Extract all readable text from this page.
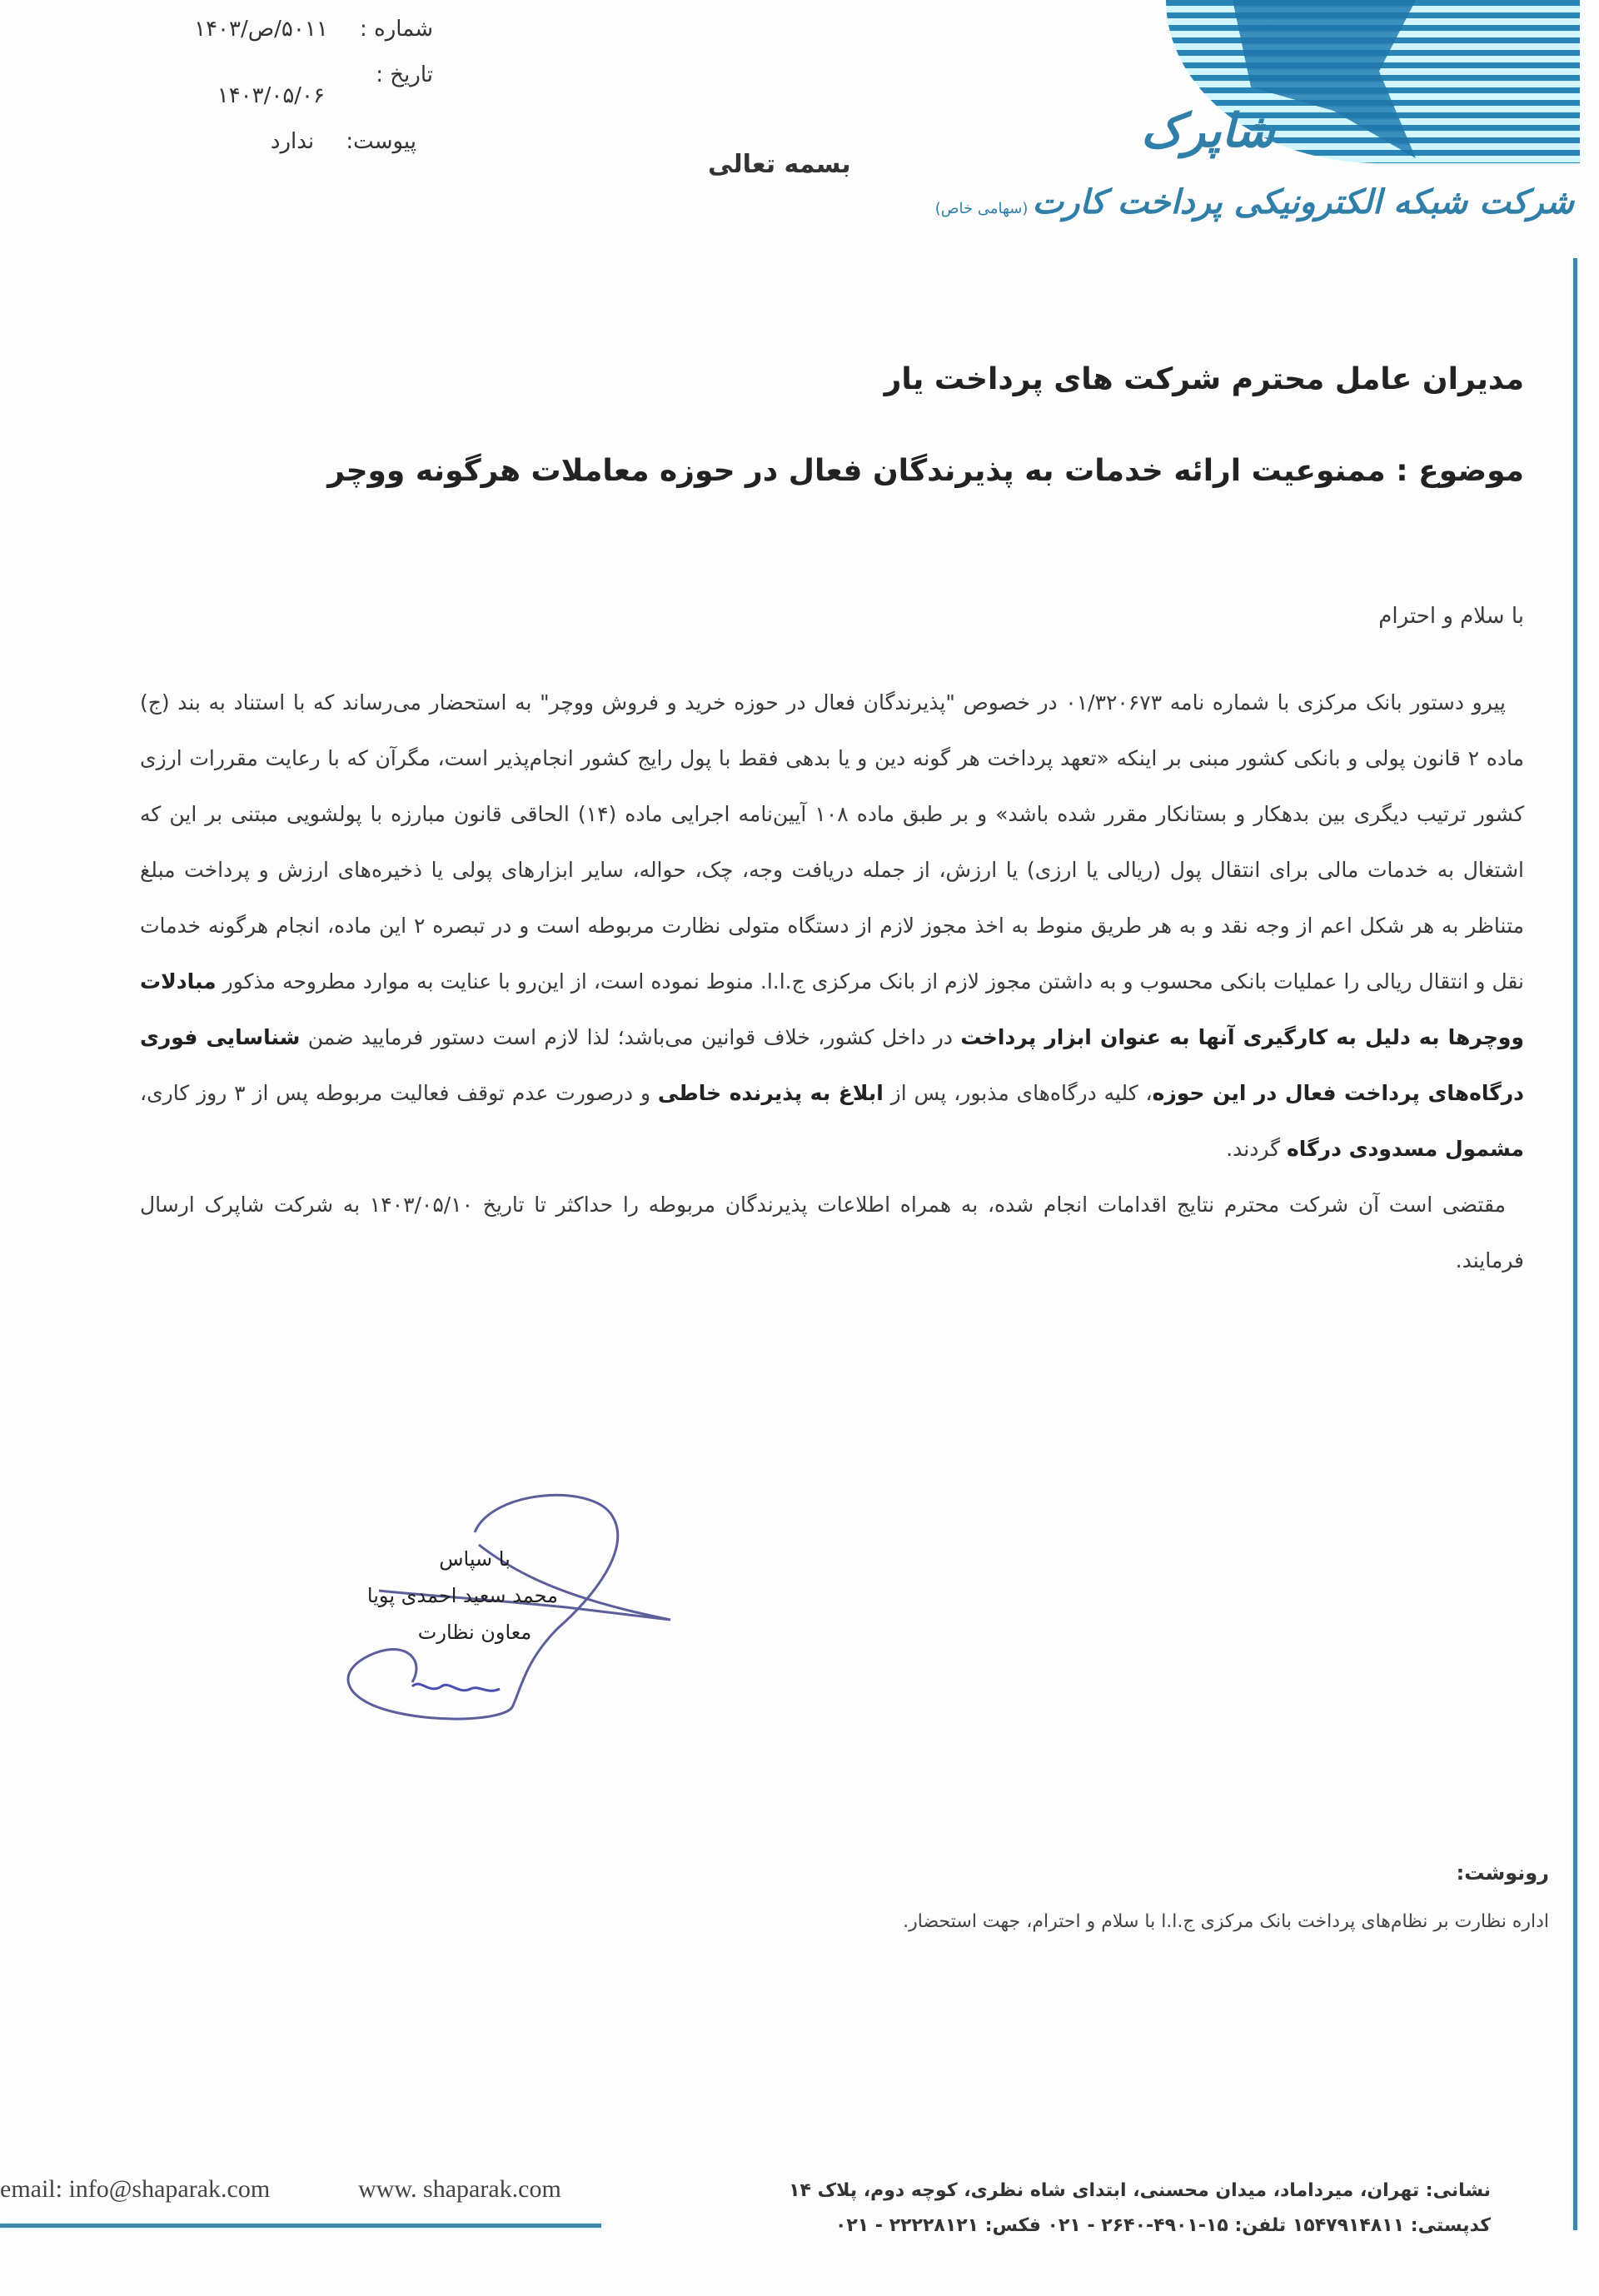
شماره : ۵۰۱۱/ص/۱۴۰۳
تاریخ :
۱۴۰۳/۰۵/۰۶
پیوست: ندارد
بسمه تعالی
شاپرک
شرکت شبکه الکترونیکی پرداخت کارت (سهامی خاص)
مدیران عامل محترم شرکت های پرداخت یار
موضوع : ممنوعیت ارائه خدمات به پذیرندگان فعال در حوزه معاملات هرگونه ووچر
با سلام و احترام

پیرو دستور بانک مرکزی با شماره نامه ۰۱/۳۲۰۶۷۳ در خصوص "پذیرندگان فعال در حوزه خرید و فروش ووچر" به استحضار می‌رساند که با استناد به بند (ج) ماده ۲ قانون پولی و بانکی کشور مبنی بر اینکه «تعهد پرداخت هر گونه دین و یا بدهی فقط با پول رایج کشور انجام‌پذیر است، مگرآن که با رعایت مقررات ارزی کشور ترتیب دیگری بین بدهکار و بستانکار مقرر شده باشد» و بر طبق ماده ۱۰۸ آیین‌نامه اجرایی ماده (۱۴) الحاقی قانون مبارزه با پولشویی مبتنی بر این که اشتغال به خدمات مالی برای انتقال پول (ریالی یا ارزی) یا ارزش، از جمله دریافت وجه، چک، حواله، سایر ابزارهای پولی یا ذخیره‌های ارزش و پرداخت مبلغ متناظر به هر شکل اعم از وجه نقد و به هر طریق منوط به اخذ مجوز لازم از دستگاه متولی نظارت مربوطه است و در تبصره ۲ این ماده، انجام هرگونه خدمات نقل و انتقال ریالی را عملیات بانکی محسوب و به داشتن مجوز لازم از بانک مرکزی ج.ا.ا. منوط نموده است، از این‌رو با عنایت به موارد مطروحه مذکور مبادلات ووچرها به دلیل به کارگیری آنها به عنوان ابزار پرداخت در داخل کشور، خلاف قوانین می‌باشد؛ لذا لازم است دستور فرمایید ضمن شناسایی فوری درگاه‌های پرداخت فعال در این حوزه، کلیه درگاه‌های مذبور، پس از ابلاغ به پذیرنده خاطی و درصورت عدم توقف فعالیت مربوطه پس از ۳ روز کاری، مشمول مسدودی درگاه گردند.

مقتضی است آن شرکت محترم نتایج اقدامات انجام شده، به همراه اطلاعات پذیرندگان مربوطه را حداکثر تا تاریخ ۱۴۰۳/۰۵/۱۰ به شرکت شاپرک ارسال فرمایند.

با سپاس
محمد سعید احمدی پویا
معاون نظارت
رونوشت:
اداره نظارت بر نظام‌های پرداخت بانک مرکزی ج.ا.ا با سلام و احترام، جهت استحضار.
email: info@shaparak.com	www. shaparak.com	نشانی: تهران، میرداماد، میدان محسنی، ابتدای شاه نظری، کوچه دوم، پلاک ۱۴
کدپستی: ۱۵۴۷۹۱۴۸۱۱ تلفن: ۱۵-۴۹۰۱-۲۶۴۰ - ۰۲۱ فکس: ۲۲۲۲۸۱۲۱ - ۰۲۱
